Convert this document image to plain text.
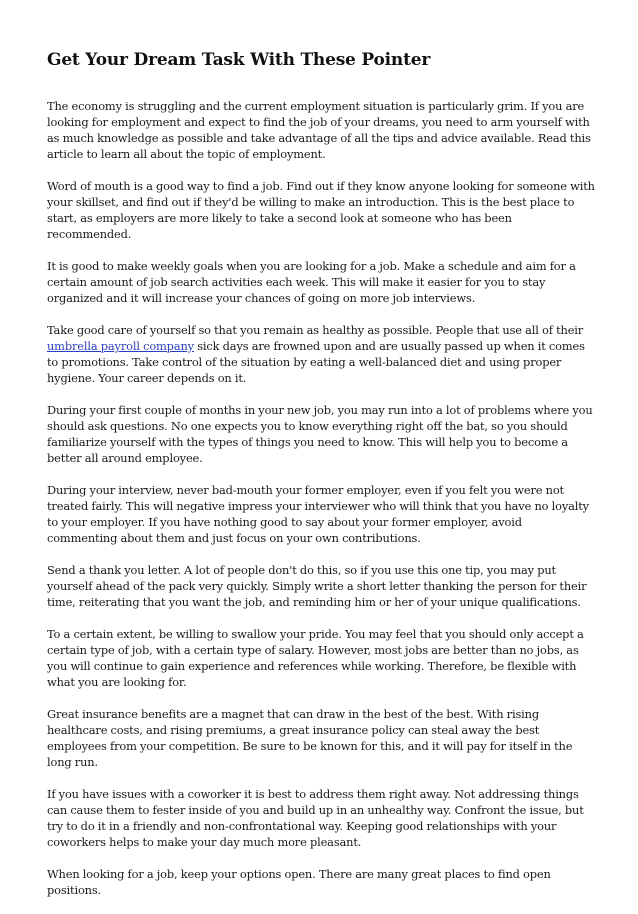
Get Your Dream Task With These Pointer

The economy is struggling and the current employment situation is particularly grim. If you are looking for employment and expect to find the job of your dreams, you need to arm yourself with as much knowledge as possible and take advantage of all the tips and advice available. Read this article to learn all about the topic of employment.

Word of mouth is a good way to find a job. Find out if they know anyone looking for someone with your skillset, and find out if they'd be willing to make an introduction. This is the best place to start, as employers are more likely to take a second look at someone who has been recommended.

It is good to make weekly goals when you are looking for a job. Make a schedule and aim for a certain amount of job search activities each week. This will make it easier for you to stay organized and it will increase your chances of going on more job interviews.

Take good care of yourself so that you remain as healthy as possible. People that use all of their umbrella payroll company sick days are frowned upon and are usually passed up when it comes to promotions. Take control of the situation by eating a well-balanced diet and using proper hygiene. Your career depends on it.

During your first couple of months in your new job, you may run into a lot of problems where you should ask questions. No one expects you to know everything right off the bat, so you should familiarize yourself with the types of things you need to know. This will help you to become a better all around employee.

During your interview, never bad-mouth your former employer, even if you felt you were not treated fairly. This will negative impress your interviewer who will think that you have no loyalty to your employer. If you have nothing good to say about your former employer, avoid commenting about them and just focus on your own contributions.

Send a thank you letter. A lot of people don't do this, so if you use this one tip, you may put yourself ahead of the pack very quickly. Simply write a short letter thanking the person for their time, reiterating that you want the job, and reminding him or her of your unique qualifications.

To a certain extent, be willing to swallow your pride. You may feel that you should only accept a certain type of job, with a certain type of salary. However, most jobs are better than no jobs, as you will continue to gain experience and references while working. Therefore, be flexible with what you are looking for.

Great insurance benefits are a magnet that can draw in the best of the best. With rising healthcare costs, and rising premiums, a great insurance policy can steal away the best employees from your competition. Be sure to be known for this, and it will pay for itself in the long run.

If you have issues with a coworker it is best to address them right away. Not addressing things can cause them to fester inside of you and build up in an unhealthy way. Confront the issue, but try to do it in a friendly and non-confrontational way. Keeping good relationships with your coworkers helps to make your day much more pleasant.

When looking for a job, keep your options open. There are many great places to find open positions.
